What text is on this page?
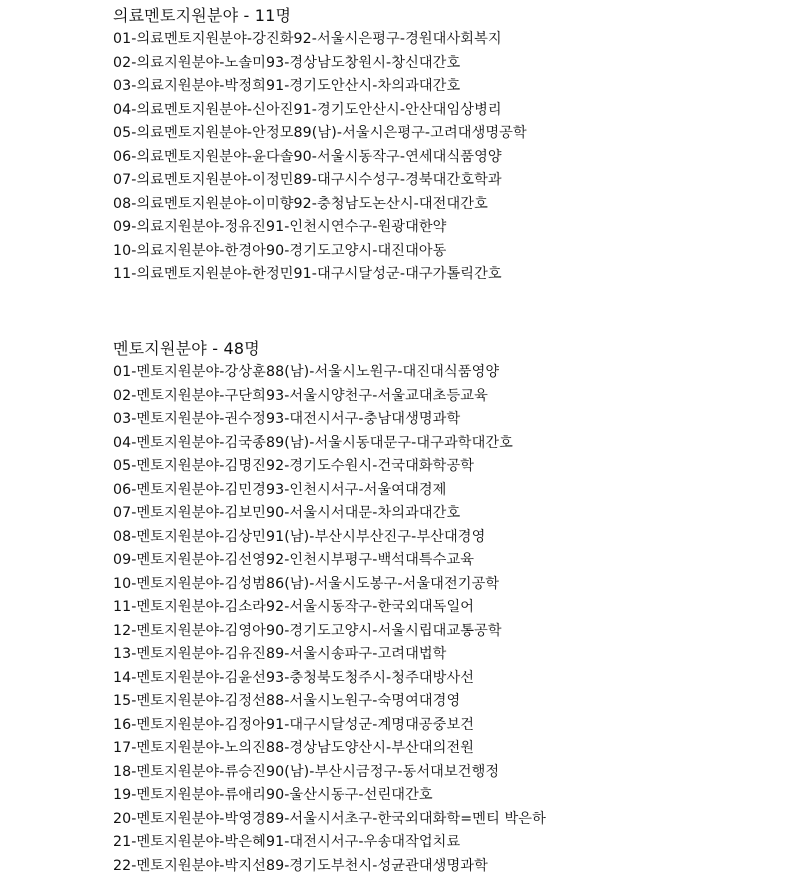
의료멘토지원분야 - 11명
01-의료멘토지원분야-강진화92-서울시은평구-경원대사회복지
02-의료지원분야-노솔미93-경상남도창원시-창신대간호
03-의료지원분야-박정희91-경기도안산시-차의과대간호
04-의료멘토지원분야-신아진91-경기도안산시-안산대임상병리
05-의료멘토지원분야-안정모89(남)-서울시은평구-고려대생명공학
06-의료멘토지원분야-윤다솔90-서울시동작구-연세대식품영양
07-의료멘토지원분야-이정민89-대구시수성구-경북대간호학과
08-의료멘토지원분야-이미향92-충청남도논산시-대전대간호
09-의료지원분야-정유진91-인천시연수구-원광대한약
10-의료지원분야-한경아90-경기도고양시-대진대아동
11-의료멘토지원분야-한정민91-대구시달성군-대구가톨릭간호
멘토지원분야 - 48명
01-멘토지원분야-강상훈88(남)-서울시노원구-대진대식품영양
02-멘토지원분야-구단희93-서울시양천구-서울교대초등교육
03-멘토지원분야-권수정93-대전시서구-충남대생명과학
04-멘토지원분야-김국종89(남)-서울시동대문구-대구과학대간호
05-멘토지원분야-김명진92-경기도수원시-건국대화학공학
06-멘토지원분야-김민경93-인천시서구-서울여대경제
07-멘토지원분야-김보민90-서울시서대문-차의과대간호
08-멘토지원분야-김상민91(남)-부산시부산진구-부산대경영
09-멘토지원분야-김선영92-인천시부평구-백석대특수교육
10-멘토지원분야-김성범86(남)-서울시도봉구-서울대전기공학
11-멘토지원분야-김소라92-서울시동작구-한국외대독일어
12-멘토지원분야-김영아90-경기도고양시-서울시립대교통공학
13-멘토지원분야-김유진89-서울시송파구-고려대법학
14-멘토지원분야-김윤선93-충청북도청주시-청주대방사선
15-멘토지원분야-김정선88-서울시노원구-숙명여대경영
16-멘토지원분야-김정아91-대구시달성군-계명대공중보건
17-멘토지원분야-노의진88-경상남도양산시-부산대의전원
18-멘토지원분야-류승진90(남)-부산시금정구-동서대보건행정
19-멘토지원분야-류애리90-울산시동구-선린대간호
20-멘토지원분야-박영경89-서울시서초구-한국외대화학=멘티 박은하
21-멘토지원분야-박은혜91-대전시서구-우송대작업치료
22-멘토지원분야-박지선89-경기도부천시-성균관대생명과학
